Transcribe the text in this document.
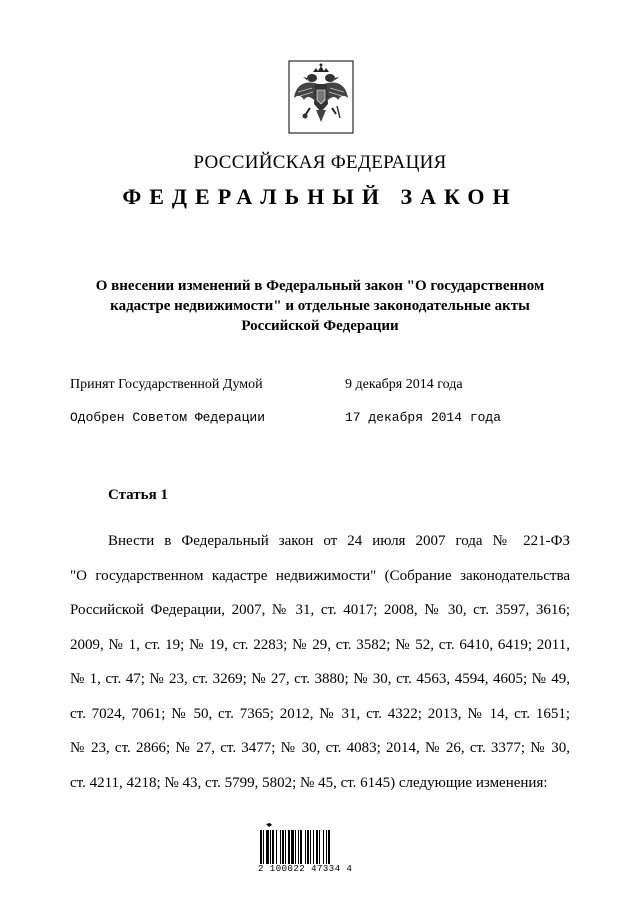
РОССИЙСКАЯ ФЕДЕРАЦИЯ
ФЕДЕРАЛЬНЫЙ ЗАКОН
О внесении изменений в Федеральный закон "О государственном
кадастре недвижимости" и отдельные законодательные акты
Российской Федерации
Принят Государственной Думой	9 декабря 2014 года
Одобрен Советом Федерации	17 декабря 2014 года
Статья 1
Внести в Федеральный закон от 24 июля 2007 года № 221-ФЗ
"О государственном кадастре недвижимости" (Собрание законодательства
Российской Федерации, 2007, № 31, ст. 4017; 2008, № 30, ст. 3597, 3616;
2009, № 1, ст. 19; № 19, ст. 2283; № 29, ст. 3582; № 52, ст. 6410, 6419; 2011,
№ 1, ст. 47; № 23, ст. 3269; № 27, ст. 3880; № 30, ст. 4563, 4594, 4605; № 49,
ст. 7024, 7061; № 50, ст. 7365; 2012, № 31, ст. 4322; 2013, № 14, ст. 1651;
№ 23, ст. 2866; № 27, ст. 3477; № 30, ст. 4083; 2014, № 26, ст. 3377; № 30,
ст. 4211, 4218; № 43, ст. 5799, 5802; № 45, ст. 6145) следующие изменения:
2 100022 47334 4
